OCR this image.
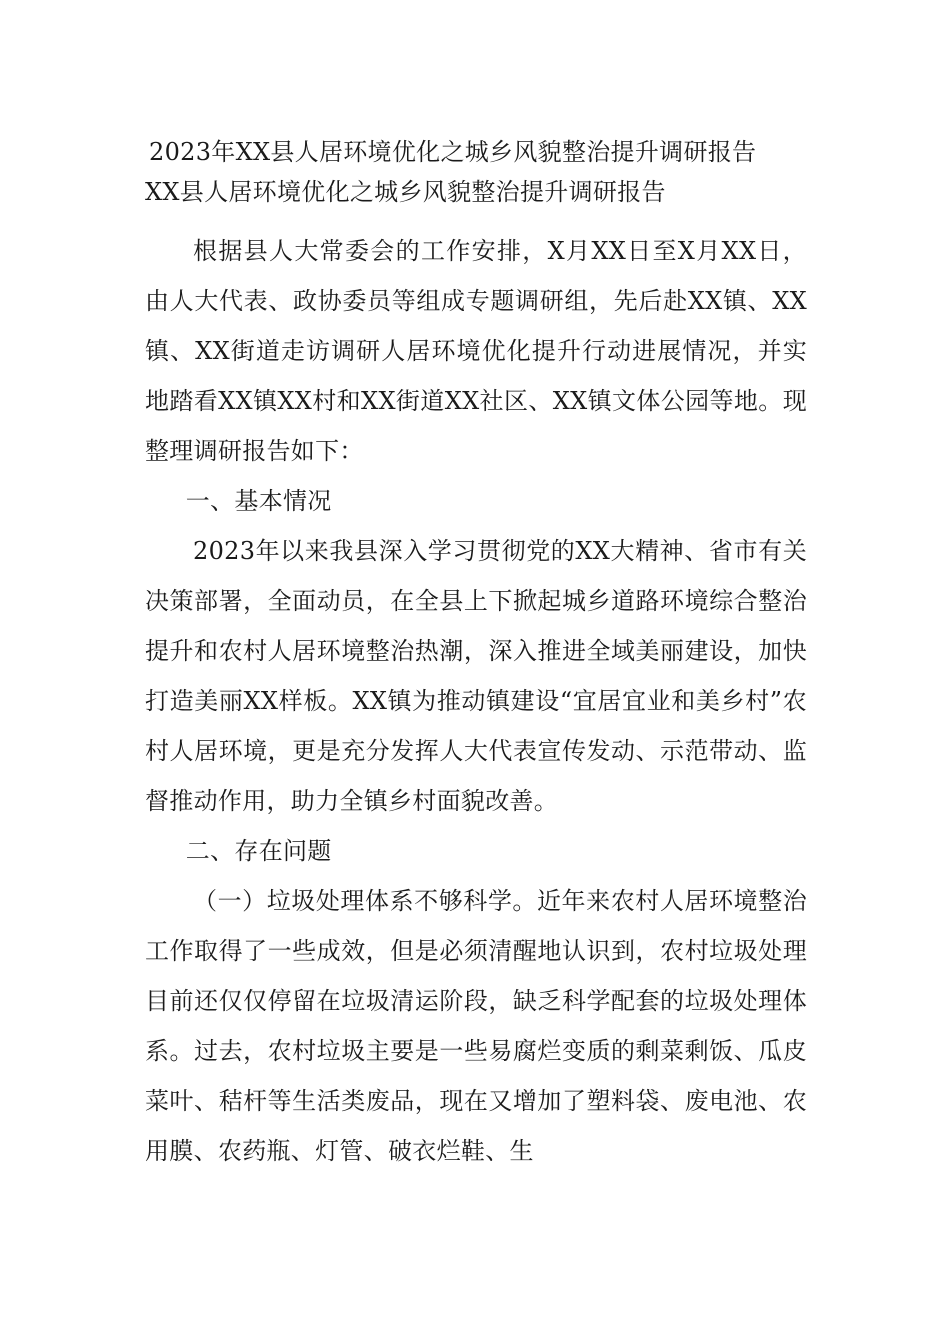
2023年XX县人居环境优化之城乡风貌整治提升调研报告
XX县人居环境优化之城乡风貌整治提升调研报告

根据县人大常委会的工作安排，X月XX日至X月XX日，由人大代表、政协委员等组成专题调研组，先后赴XX镇、XX镇、XX街道走访调研人居环境优化提升行动进展情况，并实地踏看XX镇XX村和XX街道XX社区、XX镇文体公园等地。现整理调研报告如下：

一、基本情况

2023年以来我县深入学习贯彻党的XX大精神、省市有关决策部署，全面动员，在全县上下掀起城乡道路环境综合整治提升和农村人居环境整治热潮，深入推进全域美丽建设，加快打造美丽XX样板。XX镇为推动镇建设“宜居宜业和美乡村”农村人居环境，更是充分发挥人大代表宣传发动、示范带动、监督推动作用，助力全镇乡村面貌改善。

二、存在问题

（一）垃圾处理体系不够科学。近年来农村人居环境整治工作取得了一些成效，但是必须清醒地认识到，农村垃圾处理目前还仅仅停留在垃圾清运阶段，缺乏科学配套的垃圾处理体系。过去，农村垃圾主要是一些易腐烂变质的剩菜剩饭、瓜皮菜叶、秸杆等生活类废品，现在又增加了塑料袋、废电池、农用膜、农药瓶、灯管、破衣烂鞋、生
